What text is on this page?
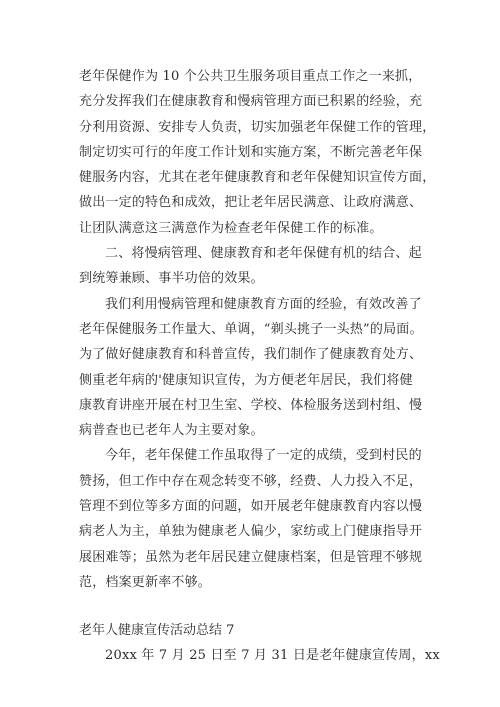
老年保健作为 10 个公共卫生服务项目重点工作之一来抓，

充分发挥我们在健康教育和慢病管理方面已积累的经验，充

分利用资源、安排专人负责，切实加强老年保健工作的管理，

制定切实可行的年度工作计划和实施方案，不断完善老年保

健服务内容，尤其在老年健康教育和老年保健知识宣传方面，

做出一定的特色和成效，把让老年居民满意、让政府满意、

让团队满意这三满意作为检查老年保健工作的标准。

二、将慢病管理、健康教育和老年保健有机的结合、起

到统筹兼顾、事半功倍的效果。

我们利用慢病管理和健康教育方面的经验，有效改善了

老年保健服务工作量大、单调，“剃头挑子一头热”的局面。

为了做好健康教育和科普宣传，我们制作了健康教育处方、

侧重老年病的'健康知识宣传，为方便老年居民，我们将健

康教育讲座开展在村卫生室、学校、体检服务送到村组、慢

病普查也已老年人为主要对象。

今年，老年保健工作虽取得了一定的成绩，受到村民的

赞扬，但工作中存在观念转变不够，经费、人力投入不足，

管理不到位等多方面的问题，如开展老年健康教育内容以慢

病老人为主，单独为健康老人偏少，家纺或上门健康指导开

展困难等；虽然为老年居民建立健康档案，但是管理不够规

范，档案更新率不够。

老年人健康宣传活动总结 7

20xx 年 7 月 25 日至 7 月 31 日是老年健康宣传周，xx
